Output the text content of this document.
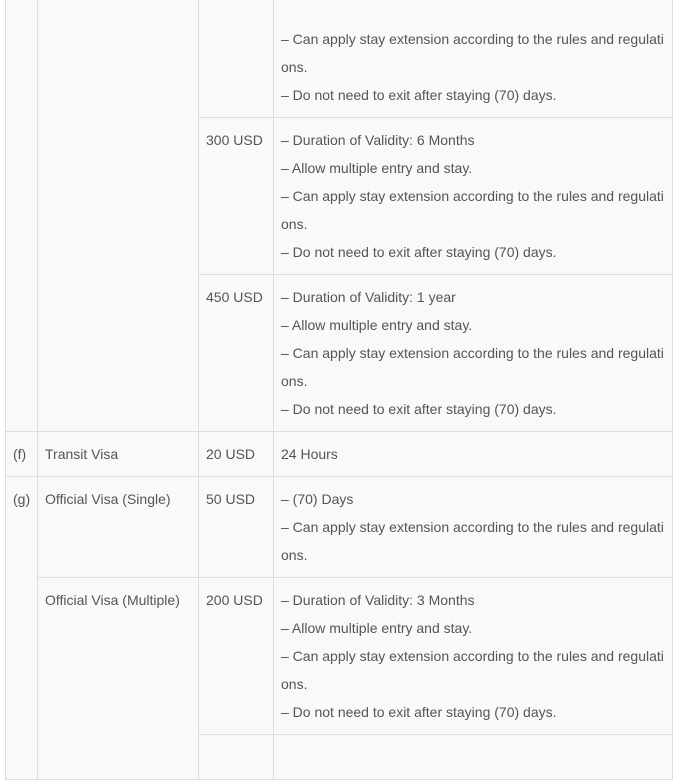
			– Can apply stay extension according to the rules and regulations.
– Do not need to exit after staying (70) days.

		300 USD	– Duration of Validity: 6 Months
– Allow multiple entry and stay.
– Can apply stay extension according to the rules and regulations.
– Do not need to exit after staying (70) days.

		450 USD	– Duration of Validity: 1 year
– Allow multiple entry and stay.
– Can apply stay extension according to the rules and regulations.
– Do not need to exit after staying (70) days.

(f)	Transit Visa	20 USD	24 Hours

(g)	Official Visa (Single)	50 USD	– (70) Days
– Can apply stay extension according to the rules and regulations.

	Official Visa (Multiple)	200 USD	– Duration of Validity: 3 Months
– Allow multiple entry and stay.
– Can apply stay extension according to the rules and regulations.
– Do not need to exit after staying (70) days.
